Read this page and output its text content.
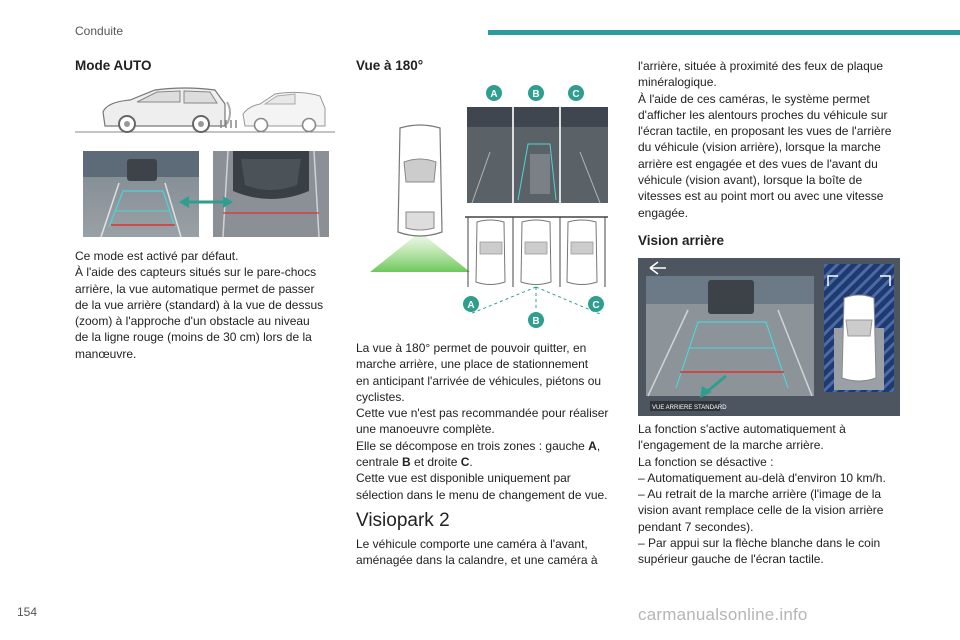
Conduite
Mode AUTO

Ce mode est activé par défaut.
À l'aide des capteurs situés sur le pare-chocs
arrière, la vue automatique permet de passer
de la vue arrière (standard) à la vue de dessus
(zoom) à l'approche d'un obstacle au niveau
de la ligne rouge (moins de 30 cm) lors de la
manœuvre.

Vue à 180°
A	B	C
A
B
C

La vue à 180° permet de pouvoir quitter, en
marche arrière, une place de stationnement
en anticipant l'arrivée de véhicules, piétons ou
cyclistes.
Cette vue n'est pas recommandée pour réaliser
une manoeuvre complète.
Elle se décompose en trois zones : gauche A,
centrale B et droite C.
Cette vue est disponible uniquement par
sélection dans le menu de changement de vue.

Visiopark 2

Le véhicule comporte une caméra à l'avant,
aménagée dans la calandre, et une caméra à

l'arrière, située à proximité des feux de plaque
minéralogique.
À l'aide de ces caméras, le système permet
d'afficher les alentours proches du véhicule sur
l'écran tactile, en proposant les vues de l'arrière
du véhicule (vision arrière), lorsque la marche
arrière est engagée et des vues de l'avant du
véhicule (vision avant), lorsque la boîte de
vitesses est au point mort ou avec une vitesse
engagée.

Vision arrière
VUE ARRIERE STANDARD

La fonction s'active automatiquement à
l'engagement de la marche arrière.
La fonction se désactive :
– Automatiquement au-delà d'environ 10 km/h.
– Au retrait de la marche arrière (l'image de la
vision avant remplace celle de la vision arrière
pendant 7 secondes).
– Par appui sur la flèche blanche dans le coin
supérieur gauche de l'écran tactile.

154	carmanualsonline.info
